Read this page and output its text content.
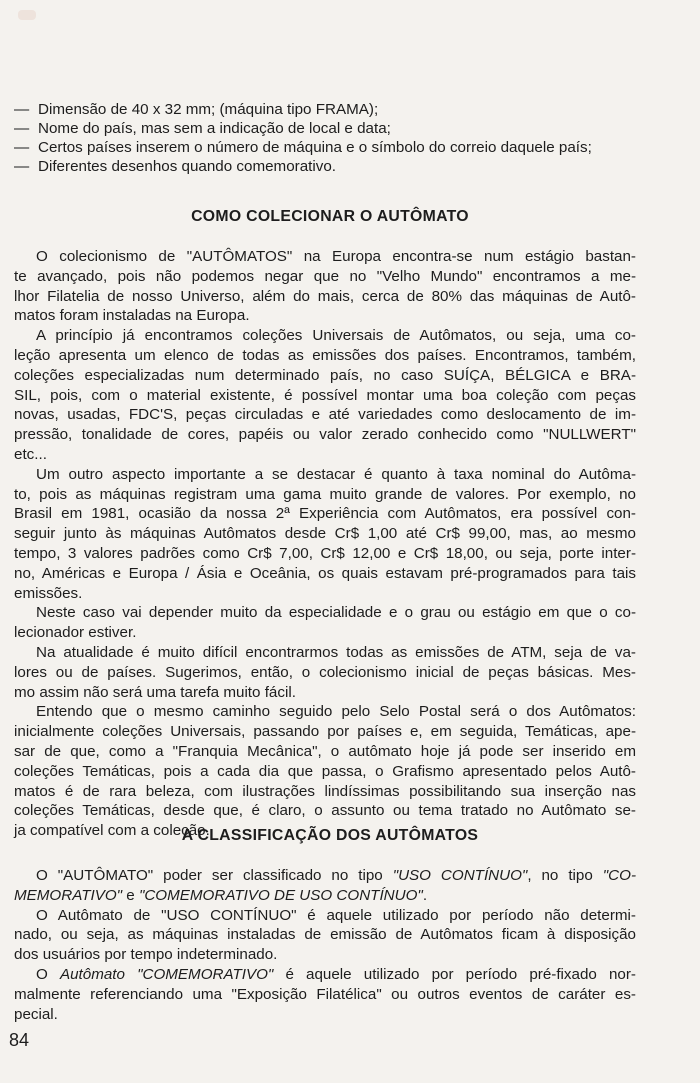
— Dimensão de 40 x 32 mm; (máquina tipo FRAMA);
— Nome do país, mas sem a indicação de local e data;
— Certos países inserem o número de máquina e o símbolo do correio daquele país;
— Diferentes desenhos quando comemorativo.
COMO COLECIONAR O AUTÔMATO
O colecionismo de "AUTÔMATOS" na Europa encontra-se num estágio bastan-
te avançado, pois não podemos negar que no "Velho Mundo" encontramos a me-
lhor Filatelia de nosso Universo, além do mais, cerca de 80% das máquinas de Autô-
matos foram instaladas na Europa.
A princípio já encontramos coleções Universais de Autômatos, ou seja, uma co-
leção apresenta um elenco de todas as emissões dos países. Encontramos, também,
coleções especializadas num determinado país, no caso SUÍÇA, BÉLGICA e BRA-
SIL, pois, com o material existente, é possível montar uma boa coleção com peças
novas, usadas, FDC'S, peças circuladas e até variedades como deslocamento de im-
pressão, tonalidade de cores, papéis ou valor zerado conhecido como "NULLWERT"
etc...
Um outro aspecto importante a se destacar é quanto à taxa nominal do Autôma-
to, pois as máquinas registram uma gama muito grande de valores. Por exemplo, no
Brasil em 1981, ocasião da nossa 2ª Experiência com Autômatos, era possível con-
seguir junto às máquinas Autômatos desde Cr$ 1,00 até Cr$ 99,00, mas, ao mesmo
tempo, 3 valores padrões como Cr$ 7,00, Cr$ 12,00 e Cr$ 18,00, ou seja, porte inter-
no, Américas e Europa / Ásia e Oceânia, os quais estavam pré-programados para tais
emissões.
Neste caso vai depender muito da especialidade e o grau ou estágio em que o co-
lecionador estiver.
Na atualidade é muito difícil encontrarmos todas as emissões de ATM, seja de va-
lores ou de países. Sugerimos, então, o colecionismo inicial de peças básicas. Mes-
mo assim não será uma tarefa muito fácil.
Entendo que o mesmo caminho seguido pelo Selo Postal será o dos Autômatos:
inicialmente coleções Universais, passando por países e, em seguida, Temáticas, ape-
sar de que, como a "Franquia Mecânica", o autômato hoje já pode ser inserido em
coleções Temáticas, pois a cada dia que passa, o Grafismo apresentado pelos Autô-
matos é de rara beleza, com ilustrações lindíssimas possibilitando sua inserção nas
coleções Temáticas, desde que, é claro, o assunto ou tema tratado no Autômato se-
ja compatível com a coleção.
A CLASSIFICAÇÃO DOS AUTÔMATOS
O "AUTÔMATO" poder ser classificado no tipo "USO CONTÍNUO", no tipo "CO-
MEMORATIVO" e "COMEMORATIVO DE USO CONTÍNUO".
O Autômato de "USO CONTÍNUO" é aquele utilizado por período não determi-
nado, ou seja, as máquinas instaladas de emissão de Autômatos ficam à disposição
dos usuários por tempo indeterminado.
O Autômato "COMEMORATIVO" é aquele utilizado por período pré-fixado nor-
malmente referenciando uma "Exposição Filatélica" ou outros eventos de caráter es-
pecial.
84
